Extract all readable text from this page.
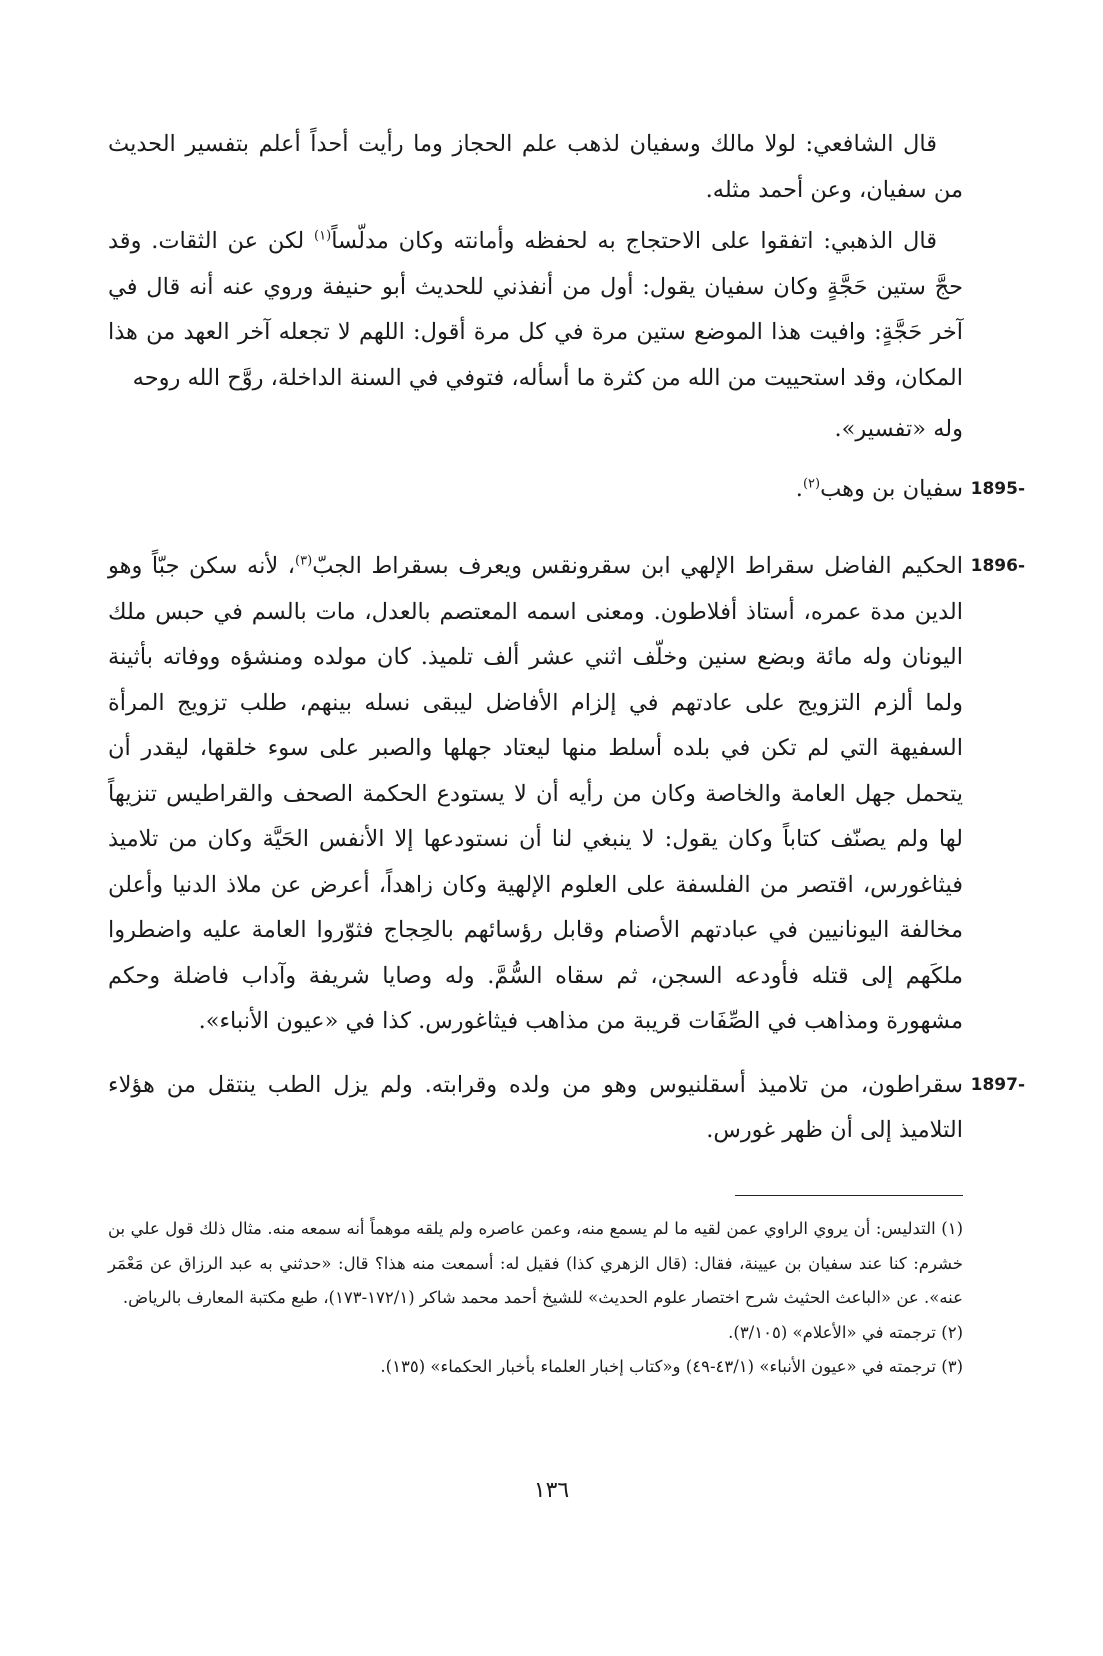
قال الشافعي: لولا مالك وسفيان لذهب علم الحجاز وما رأيت أحداً أعلم بتفسير الحديث من سفيان، وعن أحمد مثله.

قال الذهبي: اتفقوا على الاحتجاج به لحفظه وأمانته وكان مدلّساً$^{(١)}$ لكن عن الثقات. وقد حجَّ ستين حَجَّةٍ وكان سفيان يقول: أول من أنفذني للحديث أبو حنيفة وروي عنه أنه قال في آخر حَجَّةٍ: وافيت هذا الموضع ستين مرة في كل مرة أقول: اللهم لا تجعله آخر العهد من هذا المكان، وقد استحييت من الله من كثرة ما أسأله، فتوفي في السنة الداخلة، روَّح الله روحه

وله «تفسير».

1895-
سفيان بن وهب$^{(٢)}$.
1896-
الحكيم الفاضل سقراط الإلهي ابن سقرونقس ويعرف بسقراط الجبّ$^{(٣)}$، لأنه سكن جبّاً وهو الدين مدة عمره، أستاذ أفلاطون. ومعنى اسمه المعتصم بالعدل، مات بالسم في حبس ملك اليونان وله مائة وبضع سنين وخلّف اثني عشر ألف تلميذ. كان مولده ومنشؤه ووفاته بأثينة ولما ألزم التزويج على عادتهم في إلزام الأفاضل ليبقى نسله بينهم، طلب تزويج المرأة السفيهة التي لم تكن في بلده أسلط منها ليعتاد جهلها والصبر على سوء خلقها، ليقدر أن يتحمل جهل العامة والخاصة وكان من رأيه أن لا يستودع الحكمة الصحف والقراطيس تنزيهاً لها ولم يصنّف كتاباً وكان يقول: لا ينبغي لنا أن نستودعها إلا الأنفس الحَيَّة وكان من تلاميذ فيثاغورس، اقتصر من الفلسفة على العلوم الإلهية وكان زاهداً، أعرض عن ملاذ الدنيا وأعلن مخالفة اليونانيين في عبادتهم الأصنام وقابل رؤسائهم بالحِجاج فثوّروا العامة عليه واضطروا ملكَهم إلى قتله فأودعه السجن، ثم سقاه السُّمَّ. وله وصايا شريفة وآداب فاضلة وحكم مشهورة ومذاهب في الصِّفَات قريبة من مذاهب فيثاغورس. كذا في «عيون الأنباء».
1897-
سقراطون، من تلاميذ أسقلنيوس وهو من ولده وقرابته. ولم يزل الطب ينتقل من هؤلاء التلاميذ إلى أن ظهر غورس.

(١) التدليس: أن يروي الراوي عمن لقيه ما لم يسمع منه، وعمن عاصره ولم يلقه موهماً أنه سمعه منه. مثال ذلك قول علي بن خشرم: كنا عند سفيان بن عيينة، فقال: (قال الزهري كذا) فقيل له: أسمعت منه هذا؟ قال: «حدثني به عبد الرزاق عن مَعْمَر عنه». عن «الباعث الحثيث شرح اختصار علوم الحديث» للشيخ أحمد محمد شاكر (١٧٢/١-١٧٣)، طبع مكتبة المعارف بالرياض.

(٢) ترجمته في «الأعلام» (٣/١٠٥).

(٣) ترجمته في «عيون الأنباء» (٤٣/١-٤٩) و«كتاب إخبار العلماء بأخبار الحكماء» (١٣٥).

١٣٦
